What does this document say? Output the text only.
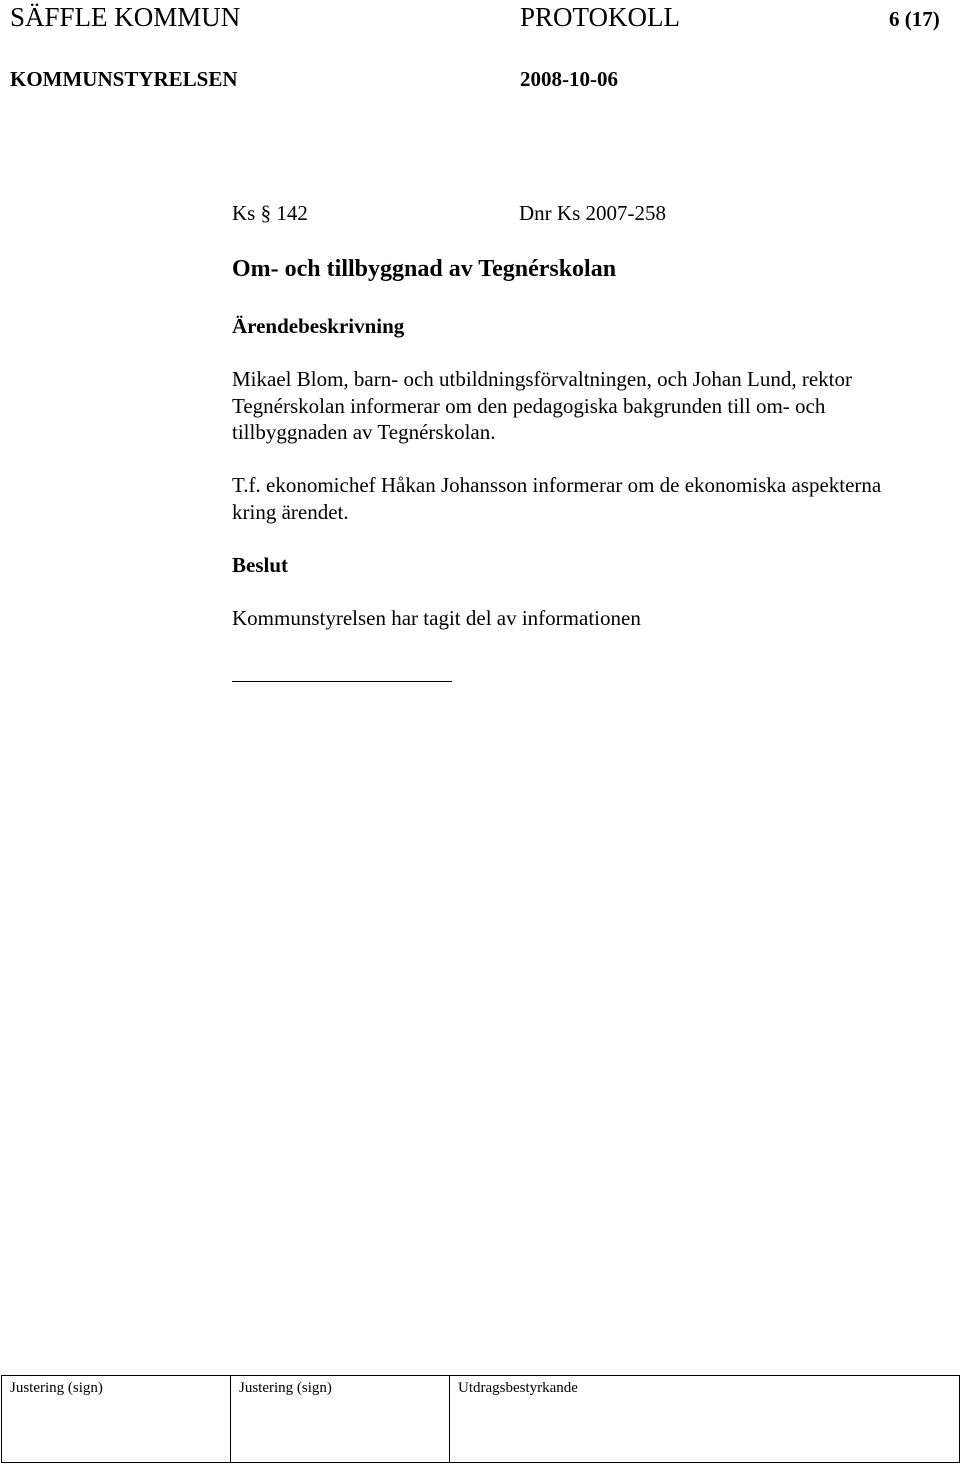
SÄFFLE KOMMUN	PROTOKOLL	6 (17)
KOMMUNSTYRELSEN	2008-10-06
Ks § 142	Dnr Ks 2007-258
Om- och tillbyggnad av Tegnérskolan
Ärendebeskrivning

Mikael Blom, barn- och utbildningsförvaltningen, och Johan Lund, rektor
Tegnérskolan informerar om den pedagogiska bakgrunden till om- och
tillbyggnaden av Tegnérskolan.

T.f. ekonomichef Håkan Johansson informerar om de ekonomiska aspekterna
kring ärendet.

Beslut
Kommunstyrelsen har tagit del av informationen
Justering (sign)	Justering (sign)	Utdragsbestyrkande
